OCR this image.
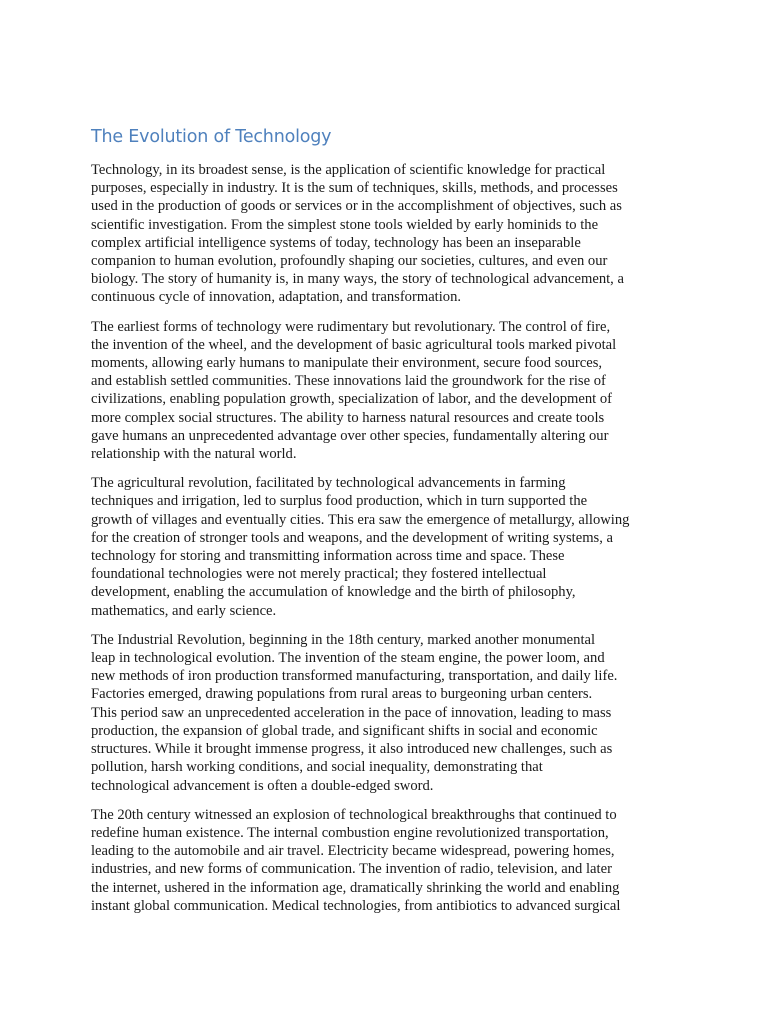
The Evolution of Technology

Technology, in its broadest sense, is the application of scientific knowledge for practical
purposes, especially in industry. It is the sum of techniques, skills, methods, and processes
used in the production of goods or services or in the accomplishment of objectives, such as
scientific investigation. From the simplest stone tools wielded by early hominids to the
complex artificial intelligence systems of today, technology has been an inseparable
companion to human evolution, profoundly shaping our societies, cultures, and even our
biology. The story of humanity is, in many ways, the story of technological advancement, a
continuous cycle of innovation, adaptation, and transformation.

The earliest forms of technology were rudimentary but revolutionary. The control of fire,
the invention of the wheel, and the development of basic agricultural tools marked pivotal
moments, allowing early humans to manipulate their environment, secure food sources,
and establish settled communities. These innovations laid the groundwork for the rise of
civilizations, enabling population growth, specialization of labor, and the development of
more complex social structures. The ability to harness natural resources and create tools
gave humans an unprecedented advantage over other species, fundamentally altering our
relationship with the natural world.

The agricultural revolution, facilitated by technological advancements in farming
techniques and irrigation, led to surplus food production, which in turn supported the
growth of villages and eventually cities. This era saw the emergence of metallurgy, allowing
for the creation of stronger tools and weapons, and the development of writing systems, a
technology for storing and transmitting information across time and space. These
foundational technologies were not merely practical; they fostered intellectual
development, enabling the accumulation of knowledge and the birth of philosophy,
mathematics, and early science.

The Industrial Revolution, beginning in the 18th century, marked another monumental
leap in technological evolution. The invention of the steam engine, the power loom, and
new methods of iron production transformed manufacturing, transportation, and daily life.
Factories emerged, drawing populations from rural areas to burgeoning urban centers.
This period saw an unprecedented acceleration in the pace of innovation, leading to mass
production, the expansion of global trade, and significant shifts in social and economic
structures. While it brought immense progress, it also introduced new challenges, such as
pollution, harsh working conditions, and social inequality, demonstrating that
technological advancement is often a double-edged sword.

The 20th century witnessed an explosion of technological breakthroughs that continued to
redefine human existence. The internal combustion engine revolutionized transportation,
leading to the automobile and air travel. Electricity became widespread, powering homes,
industries, and new forms of communication. The invention of radio, television, and later
the internet, ushered in the information age, dramatically shrinking the world and enabling
instant global communication. Medical technologies, from antibiotics to advanced surgical
